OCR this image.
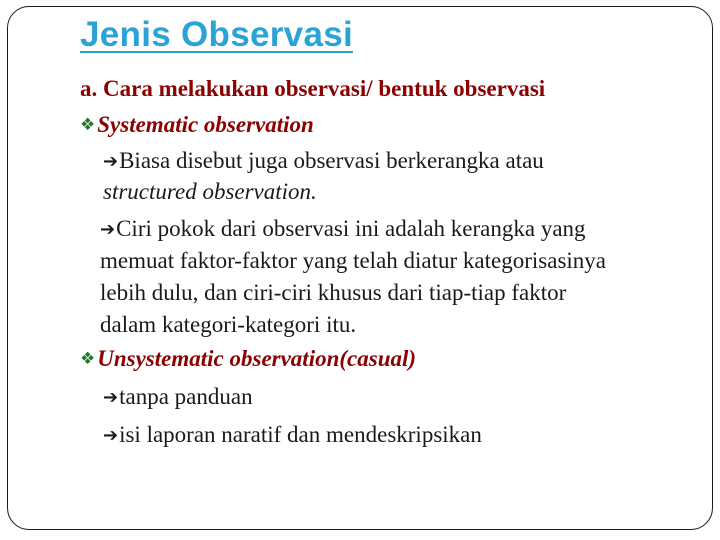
Jenis Observasi
a. Cara melakukan observasi/ bentuk observasi
❖Systematic observation
➔Biasa disebut juga observasi berkerangka atau
structured observation.
➔Ciri pokok dari observasi ini adalah kerangka yang
memuat faktor-faktor yang telah diatur kategorisasinya
lebih dulu, dan ciri-ciri khusus dari tiap-tiap faktor
dalam kategori-kategori itu.
❖Unsystematic observation(casual)
➔tanpa panduan
➔isi laporan naratif dan mendeskripsikan
